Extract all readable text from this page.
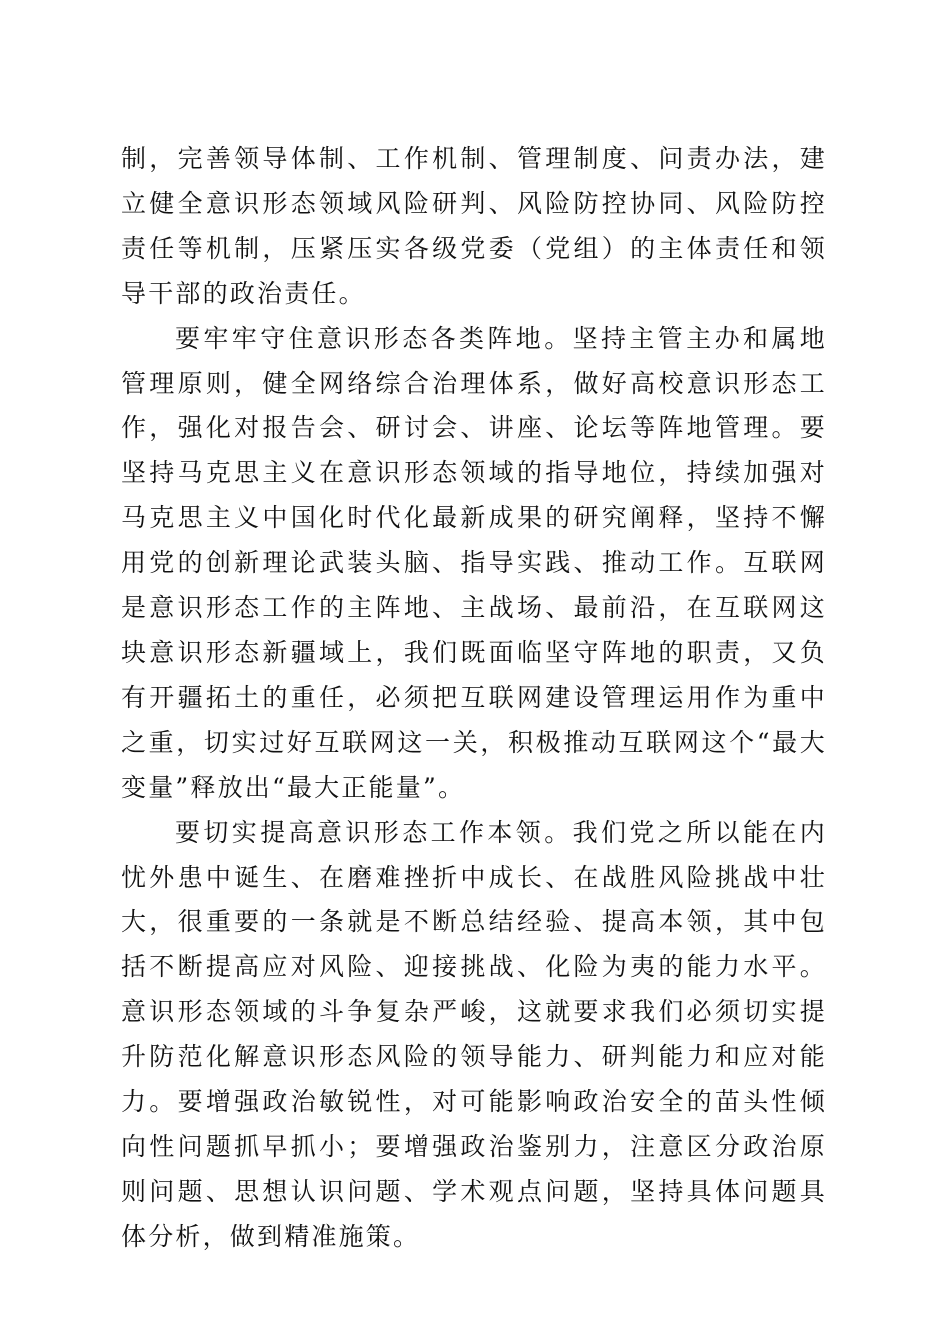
制，完善领导体制、工作机制、管理制度、问责办法，建立健全意识形态领域风险研判、风险防控协同、风险防控责任等机制，压紧压实各级党委（党组）的主体责任和领导干部的政治责任。

要牢牢守住意识形态各类阵地。坚持主管主办和属地管理原则，健全网络综合治理体系，做好高校意识形态工作，强化对报告会、研讨会、讲座、论坛等阵地管理。要坚持马克思主义在意识形态领域的指导地位，持续加强对马克思主义中国化时代化最新成果的研究阐释，坚持不懈用党的创新理论武装头脑、指导实践、推动工作。互联网是意识形态工作的主阵地、主战场、最前沿，在互联网这块意识形态新疆域上，我们既面临坚守阵地的职责，又负有开疆拓土的重任，必须把互联网建设管理运用作为重中之重，切实过好互联网这一关，积极推动互联网这个“最大变量”释放出“最大正能量”。

要切实提高意识形态工作本领。我们党之所以能在内忧外患中诞生、在磨难挫折中成长、在战胜风险挑战中壮大，很重要的一条就是不断总结经验、提高本领，其中包括不断提高应对风险、迎接挑战、化险为夷的能力水平。意识形态领域的斗争复杂严峻，这就要求我们必须切实提升防范化解意识形态风险的领导能力、研判能力和应对能力。要增强政治敏锐性，对可能影响政治安全的苗头性倾向性问题抓早抓小；要增强政治鉴别力，注意区分政治原则问题、思想认识问题、学术观点问题，坚持具体问题具体分析，做到精准施策。
